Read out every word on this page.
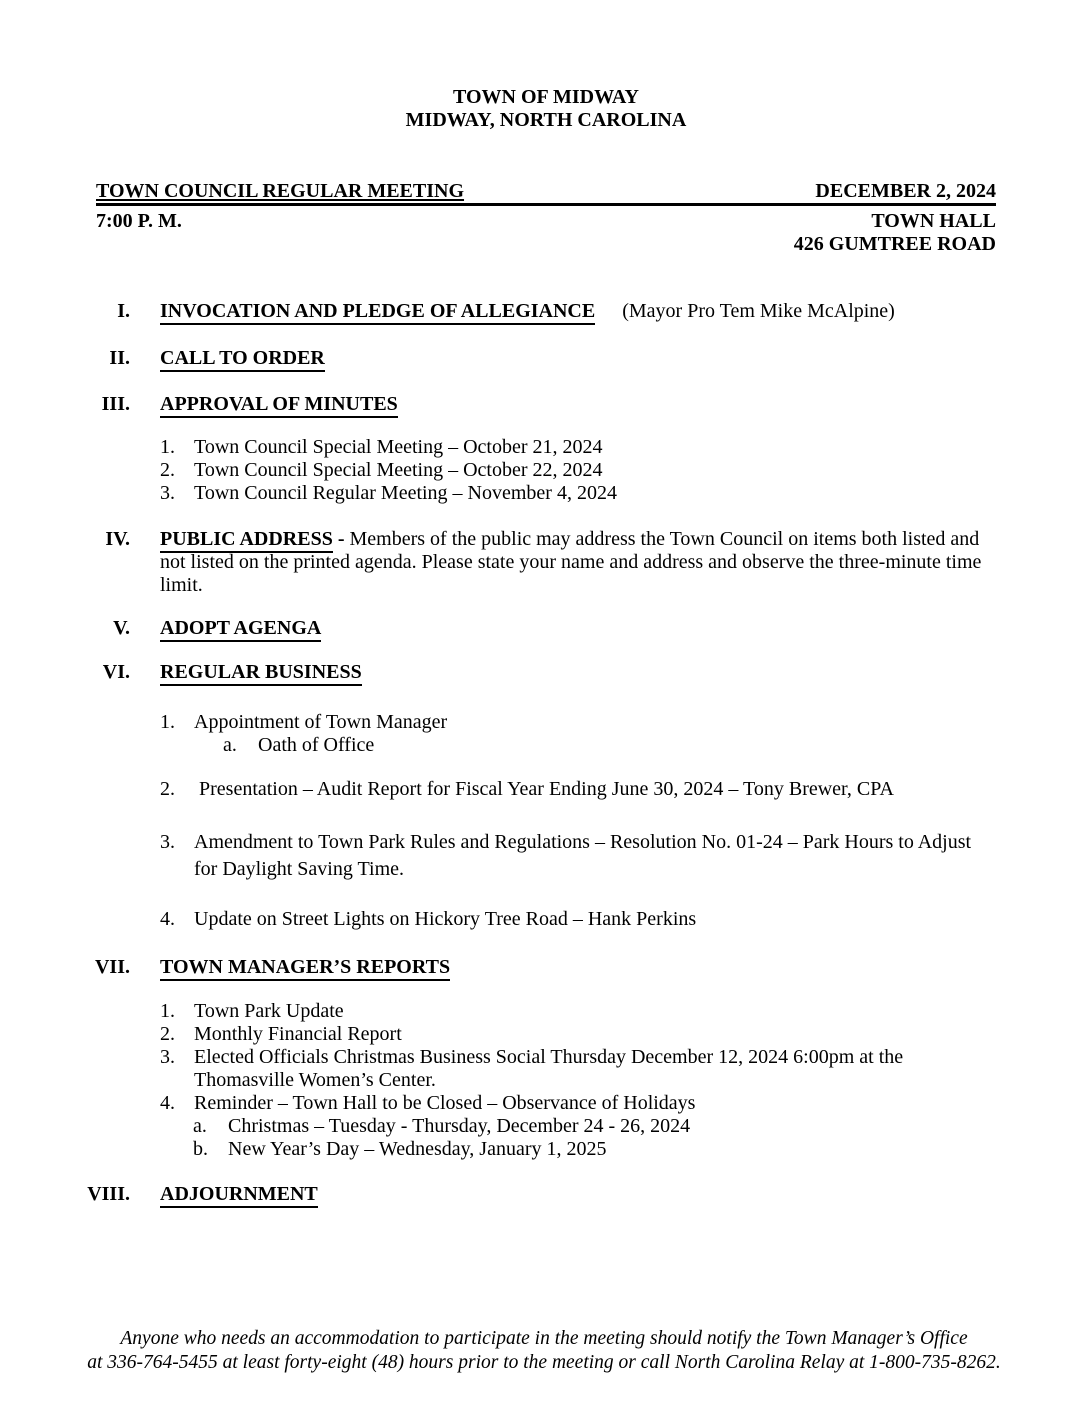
TOWN OF MIDWAY
MIDWAY, NORTH CAROLINA
TOWN COUNCIL REGULAR MEETING	DECEMBER 2, 2024
7:00 P. M.	TOWN HALL
426 GUMTREE ROAD
I. INVOCATION AND PLEDGE OF ALLEGIANCE (Mayor Pro Tem Mike McAlpine)
II. CALL TO ORDER
III. APPROVAL OF MINUTES
1. Town Council Special Meeting – October 21, 2024
2. Town Council Special Meeting – October 22, 2024
3. Town Council Regular Meeting – November 4, 2024
IV. PUBLIC ADDRESS - Members of the public may address the Town Council on items both listed and not listed on the printed agenda. Please state your name and address and observe the three-minute time limit.
V. ADOPT AGENGA
VI. REGULAR BUSINESS
1. Appointment of Town Manager
a.	Oath of Office
2. Presentation – Audit Report for Fiscal Year Ending June 30, 2024 – Tony Brewer, CPA
3. Amendment to Town Park Rules and Regulations – Resolution No. 01-24 – Park Hours to Adjust for Daylight Saving Time.
4. Update on Street Lights on Hickory Tree Road – Hank Perkins
VII. TOWN MANAGER’S REPORTS
1. Town Park Update
2. Monthly Financial Report
3. Elected Officials Christmas Business Social Thursday December 12, 2024 6:00pm at the Thomasville Women’s Center.
4. Reminder – Town Hall to be Closed – Observance of Holidays
a.	Christmas – Tuesday - Thursday, December 24 - 26, 2024
b.	New Year’s Day – Wednesday, January 1, 2025
VIII. ADJOURNMENT
Anyone who needs an accommodation to participate in the meeting should notify the Town Manager’s Office
at 336-764-5455 at least forty-eight (48) hours prior to the meeting or call North Carolina Relay at 1-800-735-8262.
